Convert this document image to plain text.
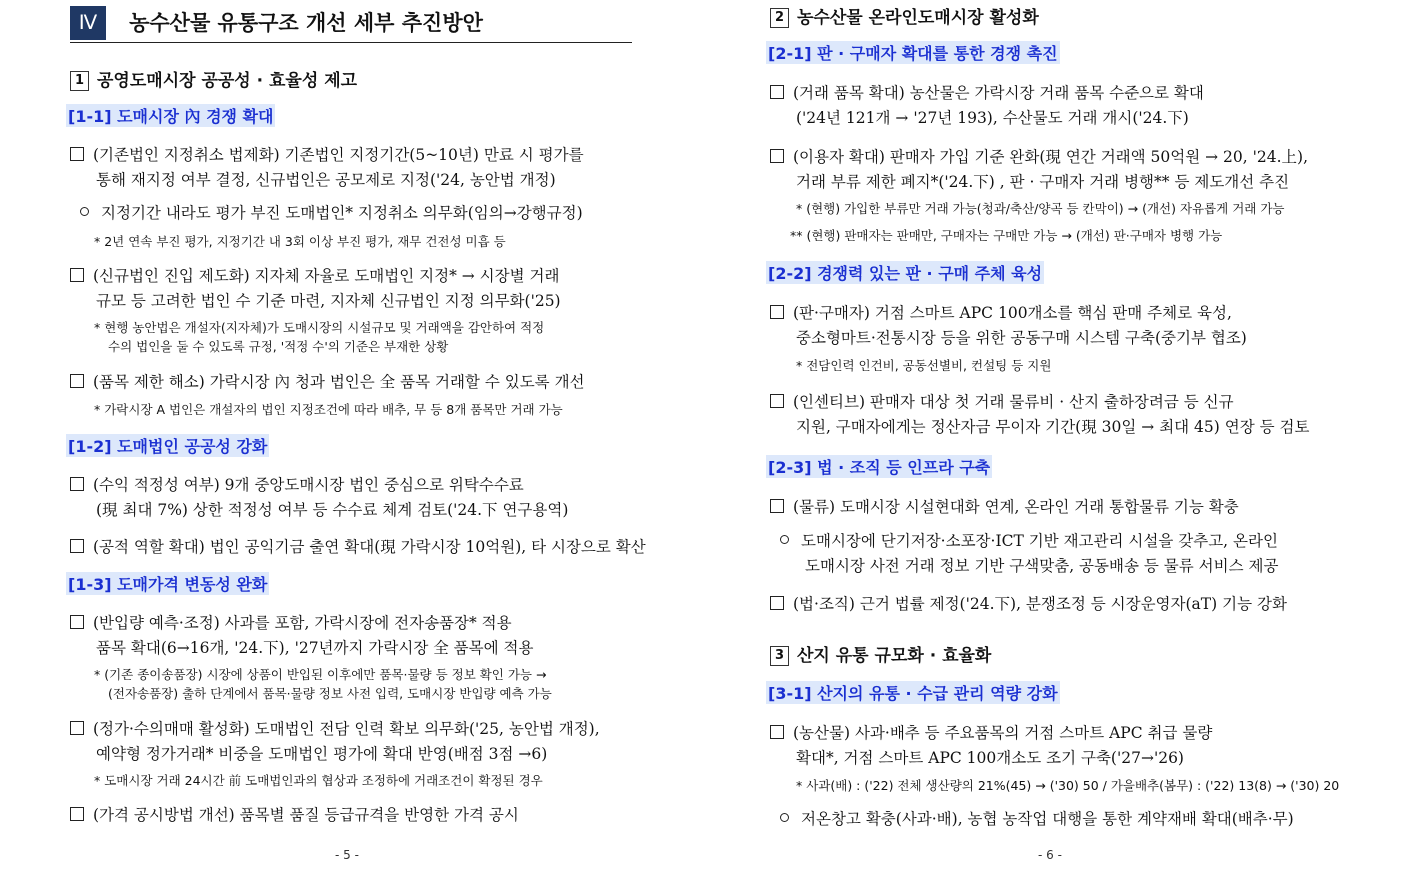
Ⅳ 농수산물 유통구조 개선 세부 추진방안
1 공영도매시장 공공성 · 효율성 제고
[1-1] 도매시장 內 경쟁 확대
(기존법인 지정취소 법제화) 기존법인 지정기간(5~10년) 만료 시 평가를
통해 재지정 여부 결정, 신규법인은 공모제로 지정('24, 농안법 개정)
지정기간 내라도 평가 부진 도매법인* 지정취소 의무화(임의→강행규정)
* 2년 연속 부진 평가, 지정기간 내 3회 이상 부진 평가, 재무 건전성 미흡 등
(신규법인 진입 제도화) 지자체 자율로 도매법인 지정* → 시장별 거래
규모 등 고려한 법인 수 기준 마련, 지자체 신규법인 지정 의무화('25)
* 현행 농안법은 개설자(지자체)가 도매시장의 시설규모 및 거래액을 감안하여 적정
수의 법인을 둘 수 있도록 규정, '적정 수'의 기준은 부재한 상황
(품목 제한 해소) 가락시장 內 청과 법인은 全 품목 거래할 수 있도록 개선
* 가락시장 A 법인은 개설자의 법인 지정조건에 따라 배추, 무 등 8개 품목만 거래 가능
[1-2] 도매법인 공공성 강화
(수익 적정성 여부) 9개 중앙도매시장 법인 중심으로 위탁수수료
(現 최대 7%) 상한 적정성 여부 등 수수료 체계 검토('24.下 연구용역)
(공적 역할 확대) 법인 공익기금 출연 확대(現 가락시장 10억원), 타 시장으로 확산
[1-3] 도매가격 변동성 완화
(반입량 예측·조정) 사과를 포함, 가락시장에 전자송품장* 적용
품목 확대(6→16개, '24.下), '27년까지 가락시장 全 품목에 적용
* (기존 종이송품장) 시장에 상품이 반입된 이후에만 품목·물량 등 정보 확인 가능 →
(전자송품장) 출하 단계에서 품목·물량 정보 사전 입력, 도매시장 반입량 예측 가능
(정가·수의매매 활성화) 도매법인 전담 인력 확보 의무화('25, 농안법 개정),
예약형 정가거래* 비중을 도매법인 평가에 확대 반영(배점 3점 →6)
* 도매시장 거래 24시간 前 도매법인과의 협상과 조정하에 거래조건이 확정된 경우
(가격 공시방법 개선) 품목별 품질 등급규격을 반영한 가격 공시
- 5 -
2 농수산물 온라인도매시장 활성화
[2-1] 판 · 구매자 확대를 통한 경쟁 촉진
(거래 품목 확대) 농산물은 가락시장 거래 품목 수준으로 확대
('24년 121개 → '27년 193), 수산물도 거래 개시('24.下)
(이용자 확대) 판매자 가입 기준 완화(現 연간 거래액 50억원 → 20, '24.上),
거래 부류 제한 폐지*('24.下) , 판 · 구매자 거래 병행** 등 제도개선 추진
* (현행) 가입한 부류만 거래 가능(청과/축산/양곡 등 칸막이) → (개선) 자유롭게 거래 가능
** (현행) 판매자는 판매만, 구매자는 구매만 가능 → (개선) 판·구매자 병행 가능
[2-2] 경쟁력 있는 판 · 구매 주체 육성
(판·구매자) 거점 스마트 APC 100개소를 핵심 판매 주체로 육성,
중소형마트·전통시장 등을 위한 공동구매 시스템 구축(중기부 협조)
* 전담인력 인건비, 공동선별비, 컨설팅 등 지원
(인센티브) 판매자 대상 첫 거래 물류비 · 산지 출하장려금 등 신규
지원, 구매자에게는 정산자금 무이자 기간(現 30일 → 최대 45) 연장 등 검토
[2-3] 법 · 조직 등 인프라 구축
(물류) 도매시장 시설현대화 연계, 온라인 거래 통합물류 기능 확충
도매시장에 단기저장·소포장·ICT 기반 재고관리 시설을 갖추고, 온라인
도매시장 사전 거래 정보 기반 구색맞춤, 공동배송 등 물류 서비스 제공
(법·조직) 근거 법률 제정('24.下), 분쟁조정 등 시장운영자(aT) 기능 강화
3 산지 유통 규모화 · 효율화
[3-1] 산지의 유통 · 수급 관리 역량 강화
(농산물) 사과·배추 등 주요품목의 거점 스마트 APC 취급 물량
확대*, 거점 스마트 APC 100개소도 조기 구축('27→'26)
* 사과(배) : ('22) 전체 생산량의 21%(45) → ('30) 50 / 가을배추(봄무) : ('22) 13(8) → ('30) 20
저온창고 확충(사과·배), 농협 농작업 대행을 통한 계약재배 확대(배추·무)
- 6 -
